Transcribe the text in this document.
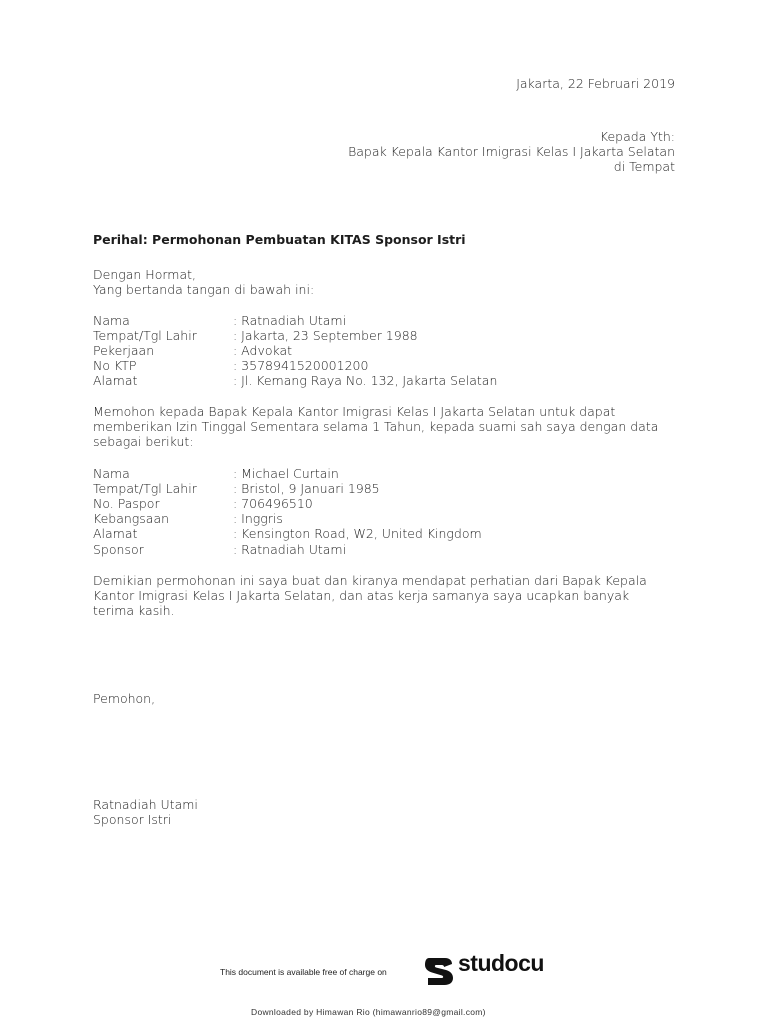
Jakarta, 22 Februari 2019
Kepada Yth:
Bapak Kepala Kantor Imigrasi Kelas I Jakarta Selatan
di Tempat
Perihal: Permohonan Pembuatan KITAS Sponsor Istri
Dengan Hormat,
Yang bertanda tangan di bawah ini:
Nama	: Ratnadiah Utami
Tempat/Tgl Lahir	: Jakarta, 23 September 1988
Pekerjaan	: Advokat
No KTP	: 3578941520001200
Alamat	: Jl. Kemang Raya No. 132, Jakarta Selatan
Memohon kepada Bapak Kepala Kantor Imigrasi Kelas I Jakarta Selatan untuk dapat
memberikan Izin Tinggal Sementara selama 1 Tahun, kepada suami sah saya dengan data
sebagai berikut:
Nama	: Michael Curtain
Tempat/Tgl Lahir	: Bristol, 9 Januari 1985
No. Paspor	: 706496510
Kebangsaan	: Inggris
Alamat	: Kensington Road, W2, United Kingdom
Sponsor	: Ratnadiah Utami
Demikian permohonan ini saya buat dan kiranya mendapat perhatian dari Bapak Kepala
Kantor Imigrasi Kelas I Jakarta Selatan, dan atas kerja samanya saya ucapkan banyak
terima kasih.
Pemohon,
Ratnadiah Utami
Sponsor Istri
This document is available free of charge on	studocu
Downloaded by Himawan Rio (himawanrio89@gmail.com)
